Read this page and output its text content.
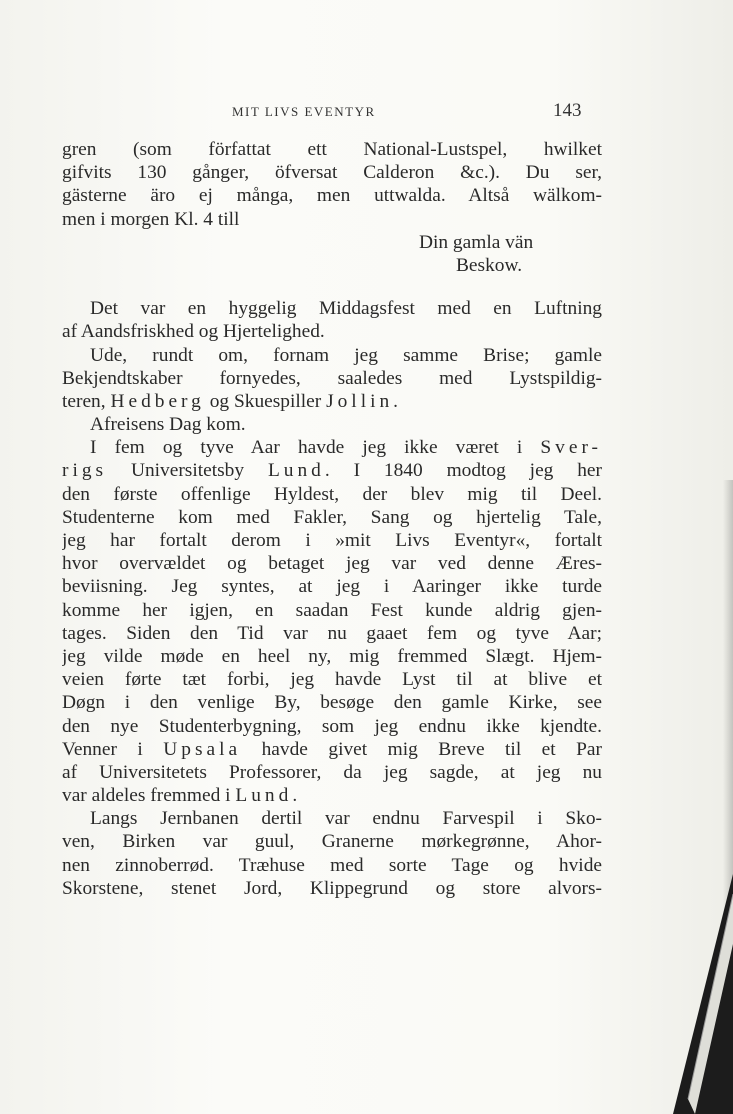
MIT LIVS EVENTYR	143
gren (som författat ett National-Lustspel, hwilket
gifvits 130 gånger, öfversat Calderon &c.). Du ser,
gästerne äro ej många, men uttwalda. Altså wälkom-
men i morgen Kl. 4 till
Din gamla vän
Beskow.
Det var en hyggelig Middagsfest med en Luftning
af Aandsfriskhed og Hjertelighed.
Ude, rundt om, fornam jeg samme Brise; gamle
Bekjendtskaber fornyedes, saaledes med Lystspildig-
teren, Hedberg og Skuespiller Jollin.
Afreisens Dag kom.
I fem og tyve Aar havde jeg ikke været i Sver-
rigs Universitetsby Lund. I 1840 modtog jeg her
den første offenlige Hyldest, der blev mig til Deel.
Studenterne kom med Fakler, Sang og hjertelig Tale,
jeg har fortalt derom i »mit Livs Eventyr«, fortalt
hvor overvældet og betaget jeg var ved denne Æres-
beviisning. Jeg syntes, at jeg i Aaringer ikke turde
komme her igjen, en saadan Fest kunde aldrig gjen-
tages. Siden den Tid var nu gaaet fem og tyve Aar;
jeg vilde møde en heel ny, mig fremmed Slægt. Hjem-
veien førte tæt forbi, jeg havde Lyst til at blive et
Døgn i den venlige By, besøge den gamle Kirke, see
den nye Studenterbygning, som jeg endnu ikke kjendte.
Venner i Upsala havde givet mig Breve til et Par
af Universitetets Professorer, da jeg sagde, at jeg nu
var aldeles fremmed i Lund.
Langs Jernbanen dertil var endnu Farvespil i Sko-
ven, Birken var guul, Granerne mørkegrønne, Ahor-
nen zinnoberrød. Træhuse med sorte Tage og hvide
Skorstene, stenet Jord, Klippegrund og store alvors-
